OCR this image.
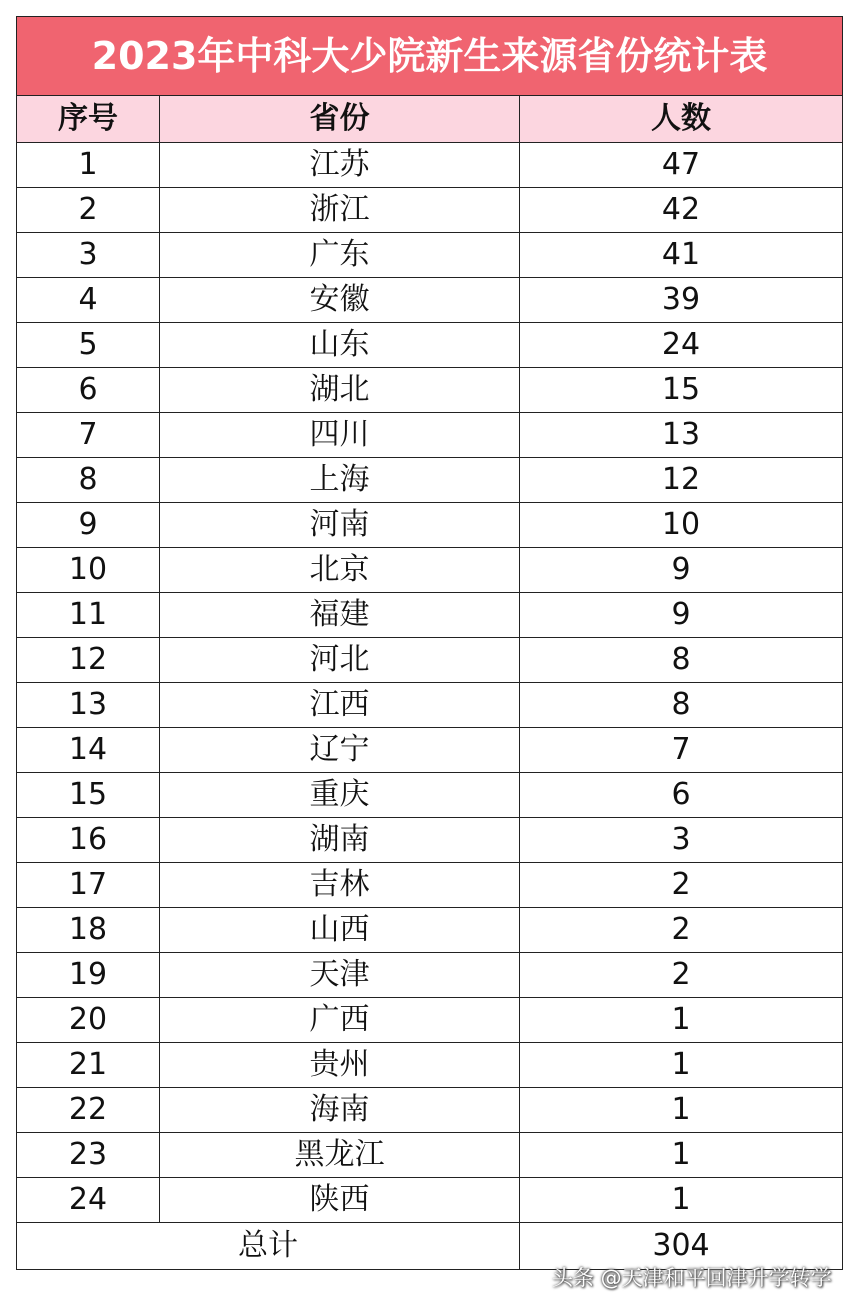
2023年中科大少院新生来源省份统计表		
序号	省份	人数
1	江苏	47
2	浙江	42
3	广东	41
4	安徽	39
5	山东	24
6	湖北	15
7	四川	13
8	上海	12
9	河南	10
10	北京	9
11	福建	9
12	河北	8
13	江西	8
14	辽宁	7
15	重庆	6
16	湖南	3
17	吉林	2
18	山西	2
19	天津	2
20	广西	1
21	贵州	1
22	海南	1
23	黑龙江	1
24	陕西	1
总计		304
头条 @天津和平回津升学转学
